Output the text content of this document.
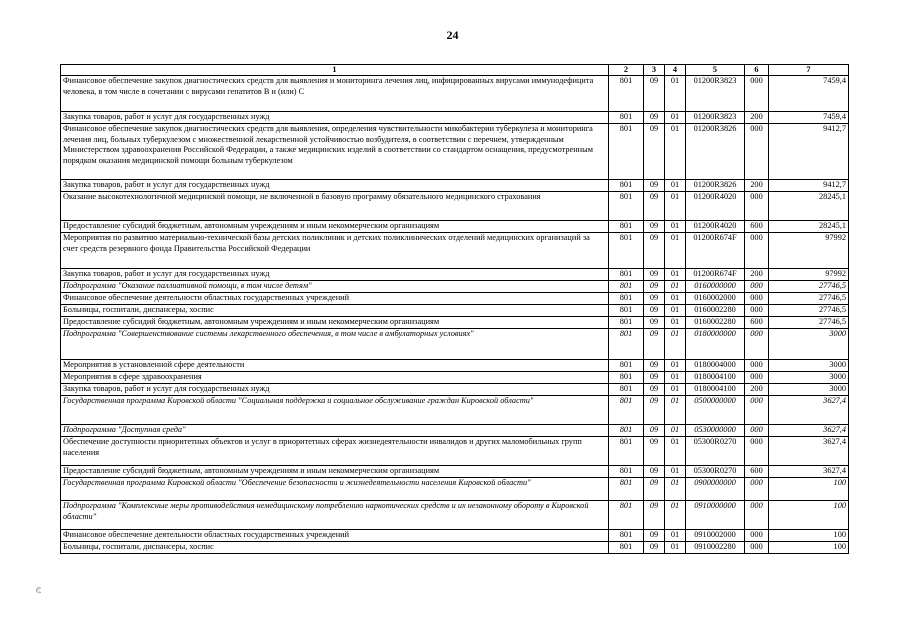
24
1	2	3	4	5	6	7
Финансовое обеспечение закупок диагностических средств для выявления и мониторинга лечения лиц, инфицированных вирусами иммунодефицита человека, в том числе в сочетании с вирусами гепатитов В и (или) С	801	09	01	01200R3823	000	7459,4
Закупка товаров, работ и услуг для государственных нужд	801	09	01	01200R3823	200	7459,4
Финансовое обеспечение закупок диагностических средств для выявления, определения чувствительности микобактерии туберкулеза и мониторинга лечения лиц, больных туберкулезом с множественной лекарственной устойчивостью возбудителя, в соответствии с перечнем, утвержденным Министерством здравоохранения Российской Федерации, а также медицинских изделий в соответствии со стандартом оснащения, предусмотренным порядком оказания медицинской помощи больным туберкулезом	801	09	01	01200R3826	000	9412,7
Закупка товаров, работ и услуг для государственных нужд	801	09	01	01200R3826	200	9412,7
Оказание высокотехнологичной медицинской помощи, не включенной в базовую программу обязательного медицинского страхования	801	09	01	01200R4020	000	28245,1
Предоставление субсидий бюджетным, автономным учреждениям и иным некоммерческим организациям	801	09	01	01200R4020	600	28245,1
Мероприятия по развитию материально-технической базы детских поликлиник и детских поликлинических отделений медицинских организаций за счет средств резервного фонда Правительства Российской Федерации	801	09	01	01200R674F	000	97992
Закупка товаров, работ и услуг для государственных нужд	801	09	01	01200R674F	200	97992
Подпрограмма "Оказание паллиативной помощи, в том числе детям"	801	09	01	0160000000	000	27746,5
Финансовое обеспечение деятельности областных государственных учреждений	801	09	01	0160002000	000	27746,5
Больницы, госпитали, диспансеры, хоспис	801	09	01	0160002280	000	27746,5
Предоставление субсидий бюджетным, автономным учреждениям и иным некоммерческим организациям	801	09	01	0160002280	600	27746,5
Подпрограмма "Совершенствование системы лекарственного обеспечения, в том числе в амбулаторных условиях"	801	09	01	0180000000	000	3000
Мероприятия в установленной сфере деятельности	801	09	01	0180004000	000	3000
Мероприятия в сфере здравоохранения	801	09	01	0180004100	000	3000
Закупка товаров, работ и услуг для государственных нужд	801	09	01	0180004100	200	3000
Государственная программа Кировской области "Социальная поддержка и социальное обслуживание граждан Кировской области"	801	09	01	0500000000	000	3627,4
Подпрограмма "Доступная среда"	801	09	01	0530000000	000	3627,4
Обеспечение доступности приоритетных объектов и услуг в приоритетных сферах жизнедеятельности инвалидов и других маломобильных групп населения	801	09	01	05300R0270	000	3627,4
Предоставление субсидий бюджетным, автономным учреждениям и иным некоммерческим организациям	801	09	01	05300R0270	600	3627,4
Государственная программа Кировской области "Обеспечение безопасности и жизнедеятельности населения Кировской области"	801	09	01	0900000000	000	100
Подпрограмма "Комплексные меры противодействия немедицинскому потреблению наркотических средств и их незаконному обороту в Кировской области"	801	09	01	0910000000	000	100
Финансовое обеспечение деятельности областных государственных учреждений	801	09	01	0910002000	000	100
Больницы, госпитали, диспансеры, хоспис	801	09	01	0910002280	000	100
₵
